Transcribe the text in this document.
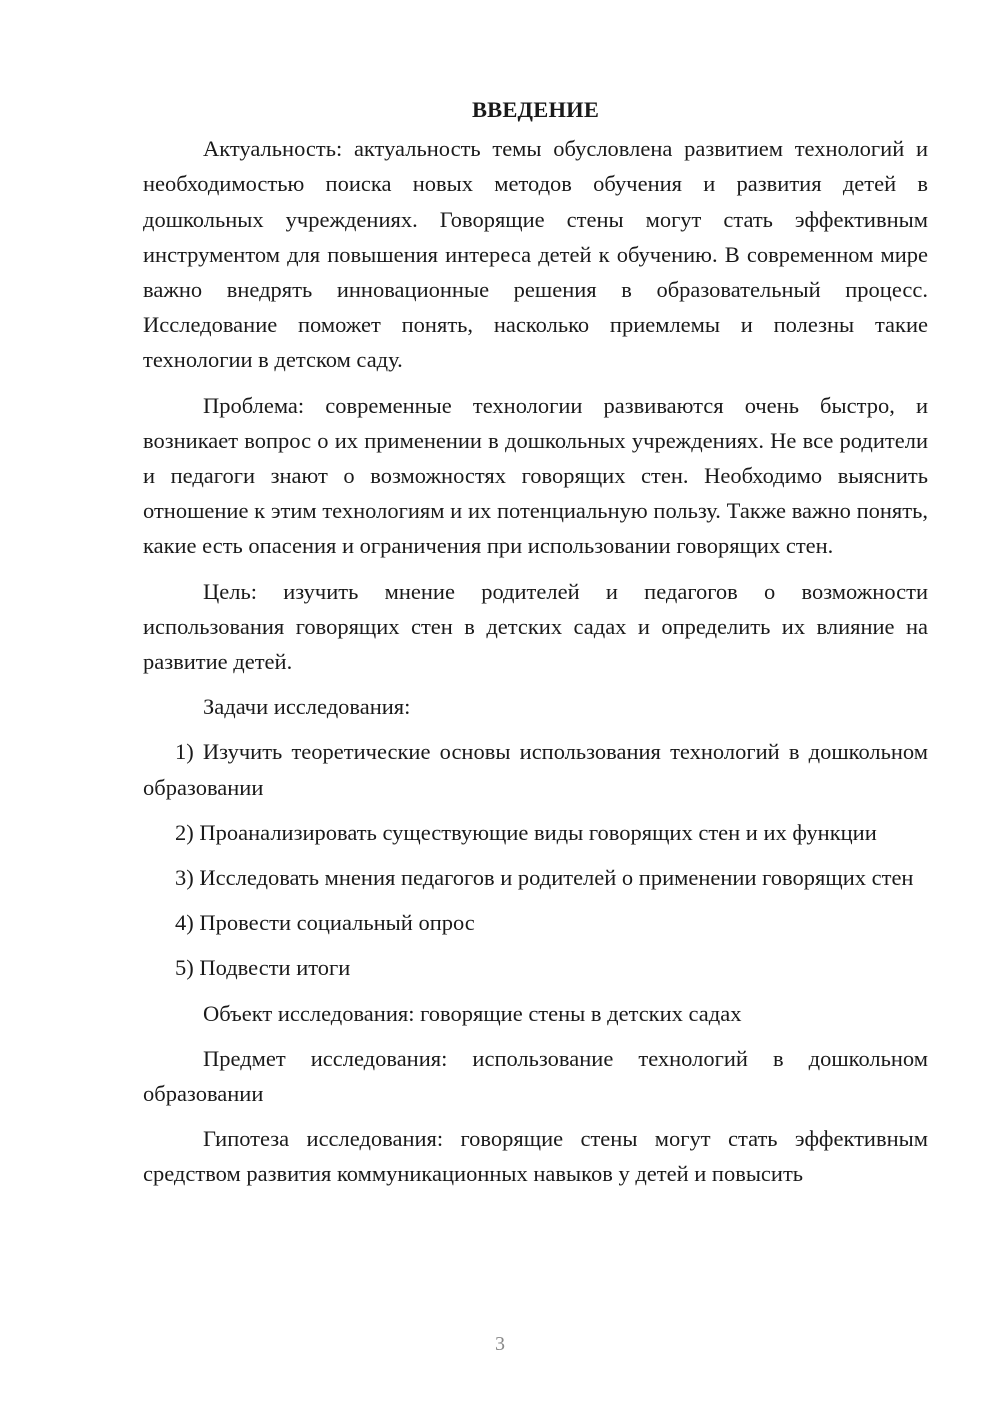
ВВЕДЕНИЕ

Актуальность: актуальность темы обусловлена развитием технологий и необходимостью поиска новых методов обучения и развития детей в дошкольных учреждениях. Говорящие стены могут стать эффективным инструментом для повышения интереса детей к обучению. В современном мире важно внедрять инновационные решения в образовательный процесс. Исследование поможет понять, насколько приемлемы и полезны такие технологии в детском саду.

Проблема: современные технологии развиваются очень быстро, и возникает вопрос о их применении в дошкольных учреждениях. Не все родители и педагоги знают о возможностях говорящих стен. Необходимо выяснить отношение к этим технологиям и их потенциальную пользу. Также важно понять, какие есть опасения и ограничения при использовании говорящих стен.

Цель: изучить мнение родителей и педагогов о возможности использования говорящих стен в детских садах и определить их влияние на развитие детей.

Задачи исследования:

1) Изучить теоретические основы использования технологий в дошкольном образовании

2) Проанализировать существующие виды говорящих стен и их функции

3) Исследовать мнения педагогов и родителей о применении говорящих стен

4) Провести социальный опрос

5) Подвести итоги

Объект исследования: говорящие стены в детских садах

Предмет исследования: использование технологий в дошкольном образовании

Гипотеза исследования: говорящие стены могут стать эффективным средством развития коммуникационных навыков у детей и повысить

3
